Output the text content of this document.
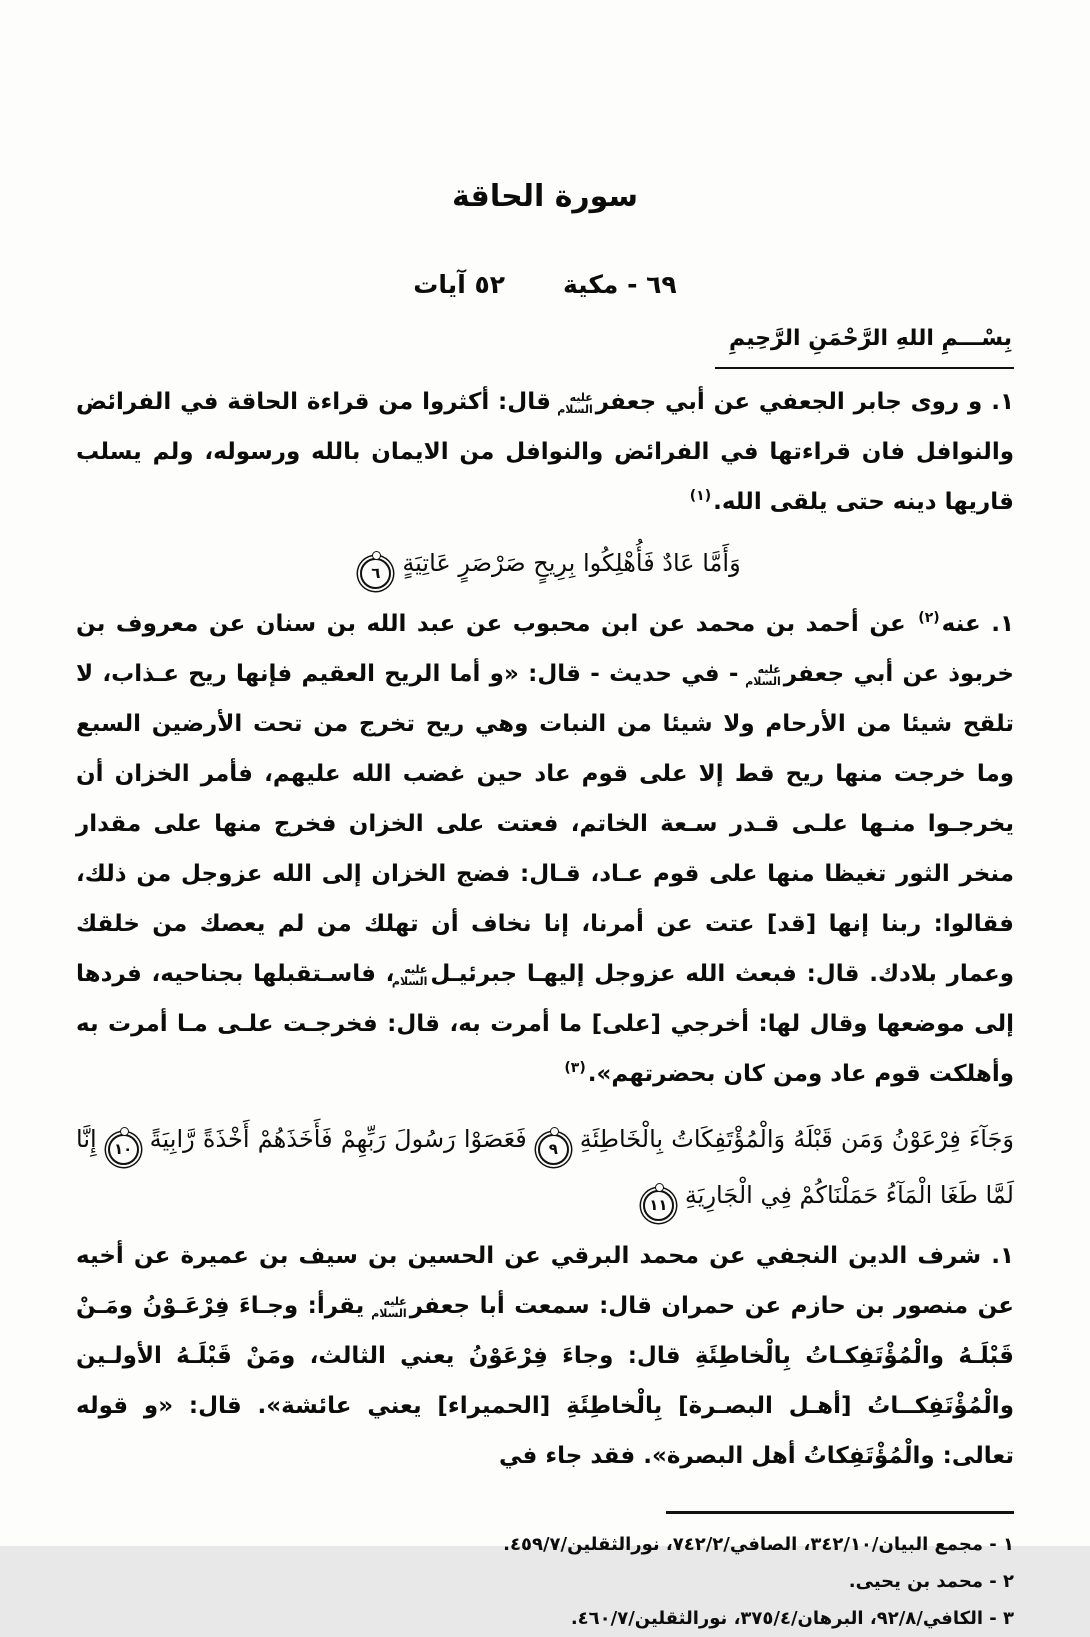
سورة الحاقة
٦٩ - مكية
٥٢ آيات
بِسْـــمِ اللهِ الرَّحْمَنِ الرَّحِيمِ

١. و روى جابر الجعفي عن أبي جعفرعليه السلام قال: أكثروا من قراءة الحاقة في الفرائض والنوافل فان قراءتها في الفرائض والنوافل من الايمان بالله ورسوله، ولم يسلب قاريها دينه حتى يلقى الله.$^{(١)}$

وَأَمَّا عَادٌ فَأُهْلِكُوا بِرِيحٍ صَرْصَرٍ عَاتِيَةٍ
٦

١. عنه$^{(٢)}$ عن أحمد بن محمد عن ابن محبوب عن عبد الله بن سنان عن معروف بن خربوذ عن أبي جعفرعليه السلام - في حديث - قال: «و أما الريح العقيم فإنها ريح عـذاب، لا تلقح شيئا من الأرحام ولا شيئا من النبات وهي ريح تخرج من تحت الأرضين السبع وما خرجت منها ريح قط إلا على قوم عاد حين غضب الله عليهم، فأمر الخزان أن يخرجـوا منـها علـى قـدر سـعة الخاتم، فعتت على الخزان فخرج منها على مقدار منخر الثور تغيظا منها على قوم عـاد، قـال: فضج الخزان إلى الله عزوجل من ذلك، فقالوا: ربنا إنها [قد] عتت عن أمرنا، إنا نخاف أن تهلك من لم يعصك من خلقك وعمار بلادك. قال: فبعث الله عزوجل إليهـا جبرئيـلعليه السلام، فاسـتقبلها بجناحيه، فردها إلى موضعها وقال لها: أخرجي [على] ما أمرت به، قال: فخرجـت علـى مـا أمرت به وأهلكت قوم عاد ومن كان بحضرتهم».$^{(٣)}$

وَجَآءَ فِرْعَوْنُ وَمَن قَبْلَهُ وَالْمُؤْتَفِكَاتُ بِالْخَاطِئَةِ
٩
فَعَصَوْا رَسُولَ رَبِّهِمْ فَأَخَذَهُمْ أَخْذَةً رَّابِيَةً
١٠
إِنَّا
لَمَّا طَغَا الْمَآءُ حَمَلْنَاكُمْ فِي الْجَارِيَةِ
١١

١. شرف الدين النجفي عن محمد البرقي عن الحسين بن سيف بن عميرة عن أخيه عن منصور بن حازم عن حمران قال: سمعت أبا جعفرعليه السلام يقرأ: وجـاءَ فِرْعَـوْنُ ومَـنْ قَبْلَـهُ والْمُؤْتَفِكـاتُ بِالْخاطِئَةِ قال: وجاءَ فِرْعَوْنُ يعني الثالث، ومَنْ قَبْلَـهُ الأولـين والْمُؤْتَفِكــاتُ [أهـل البصـرة] بِالْخاطِئَةِ [الحميراء] يعني عائشة». قال: «و قوله تعالى: والْمُؤْتَفِكاتُ أهل البصرة». فقد جاء في

١ - مجمع البيان/٣٤٢/١٠، الصافي/٧٤٢/٢، نورالثقلين/٤٥٩/٧.
٢ - محمد بن يحيى.
٣ - الكافي/٩٢/٨، البرهان/٣٧٥/٤، نورالثقلين/٤٦٠/٧.
